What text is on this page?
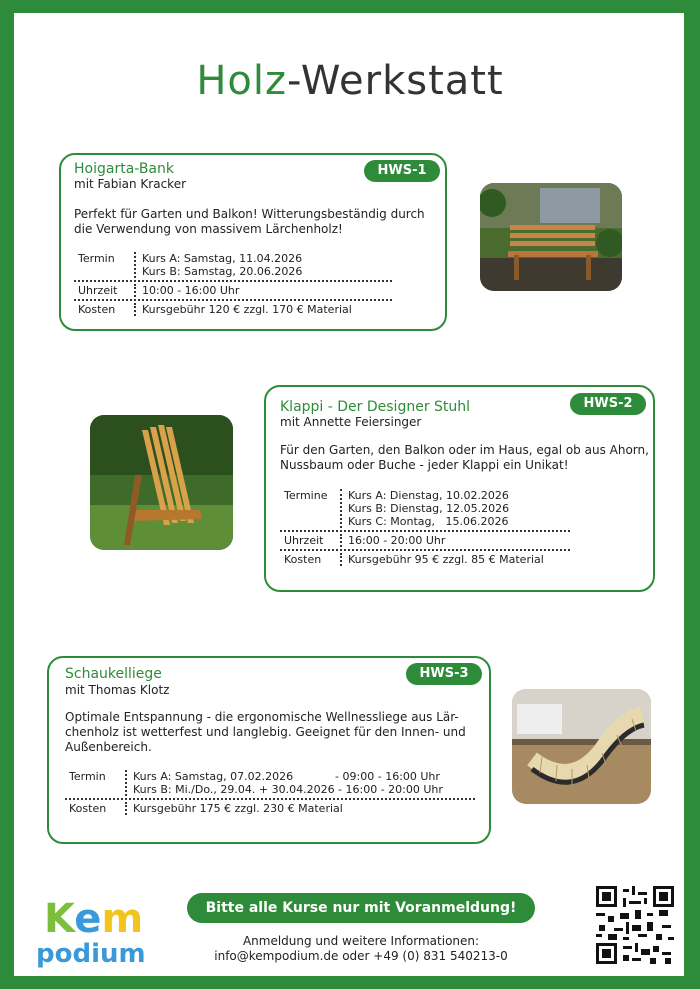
Holz-Werkstatt
HWS-1
Hoigarta-Bank
mit Fabian Kracker
Perfekt für Garten und Balkon! Witterungsbeständig durch
die Verwendung von massivem Lärchenholz!
Termin	Kurs A: Samstag, 11.04.2026
Kurs B: Samstag, 20.06.2026
Uhrzeit	10:00 - 16:00 Uhr
Kosten	Kursgebühr 120 € zzgl. 170 € Material
HWS-2
Klappi - Der Designer Stuhl
mit Annette Feiersinger
Für den Garten, den Balkon oder im Haus, egal ob aus Ahorn,
Nussbaum oder Buche - jeder Klappi ein Unikat!
Termine	Kurs A: Dienstag, 10.02.2026
Kurs B: Dienstag, 12.05.2026
Kurs C: Montag,   15.06.2026
Uhrzeit	16:00 - 20:00 Uhr
Kosten	Kursgebühr 95 € zzgl. 85 € Material
HWS-3
Schaukelliege
mit Thomas Klotz
Optimale Entspannung - die ergonomische Wellnessliege aus Lär-
chenholz ist wetterfest und langlebig. Geeignet für den Innen- und
Außenbereich.
Termin	Kurs A: Samstag, 07.02.2026            - 09:00 - 16:00 Uhr
Kurs B: Mi./Do., 29.04. + 30.04.2026 - 16:00 - 20:00 Uhr
Kosten	Kursgebühr 175 € zzgl. 230 € Material
Kem
podium
Bitte alle Kurse nur mit Voranmeldung!
Anmeldung und weitere Informationen:
info@kempodium.de oder +49 (0) 831 540213-0
